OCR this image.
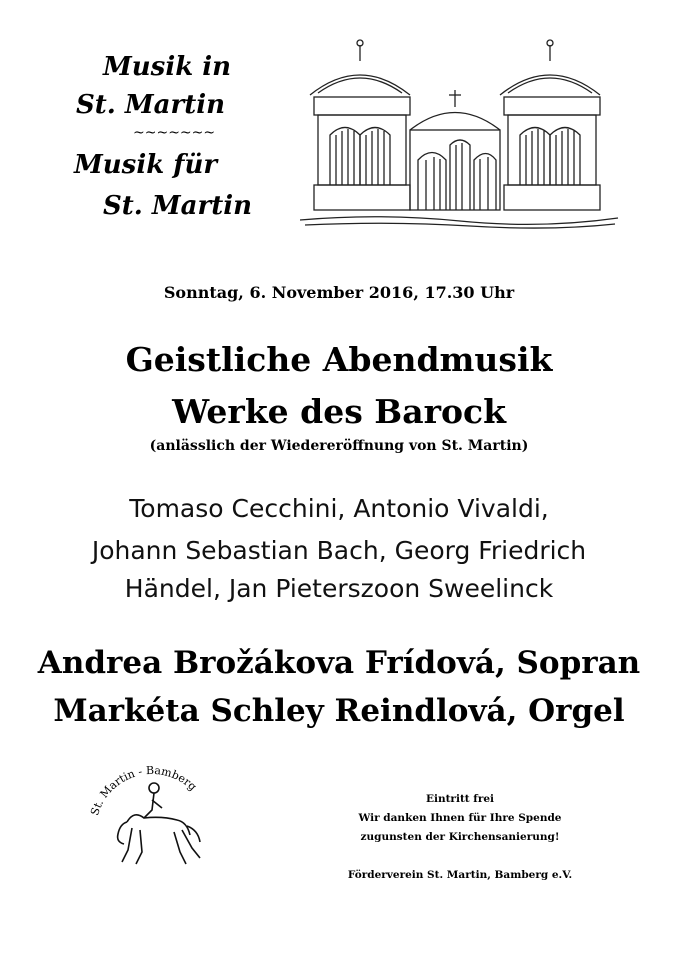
Musik in
St. Martin
~~~~~~~
Musik für
St. Martin
Sonntag, 6. November 2016, 17.30 Uhr
Geistliche Abendmusik
Werke des Barock
(anlässlich der Wiedereröffnung von St. Martin)
Tomaso Cecchini, Antonio Vivaldi,
Johann Sebastian Bach, Georg Friedrich
Händel, Jan Pieterszoon Sweelinck
Andrea Brožákova Frídová, Sopran
Markéta Schley Reindlová, Orgel
St. Martin - Bamberg
Eintritt frei
Wir danken Ihnen für Ihre Spende
zugunsten der Kirchensanierung!
Förderverein St. Martin, Bamberg e.V.
